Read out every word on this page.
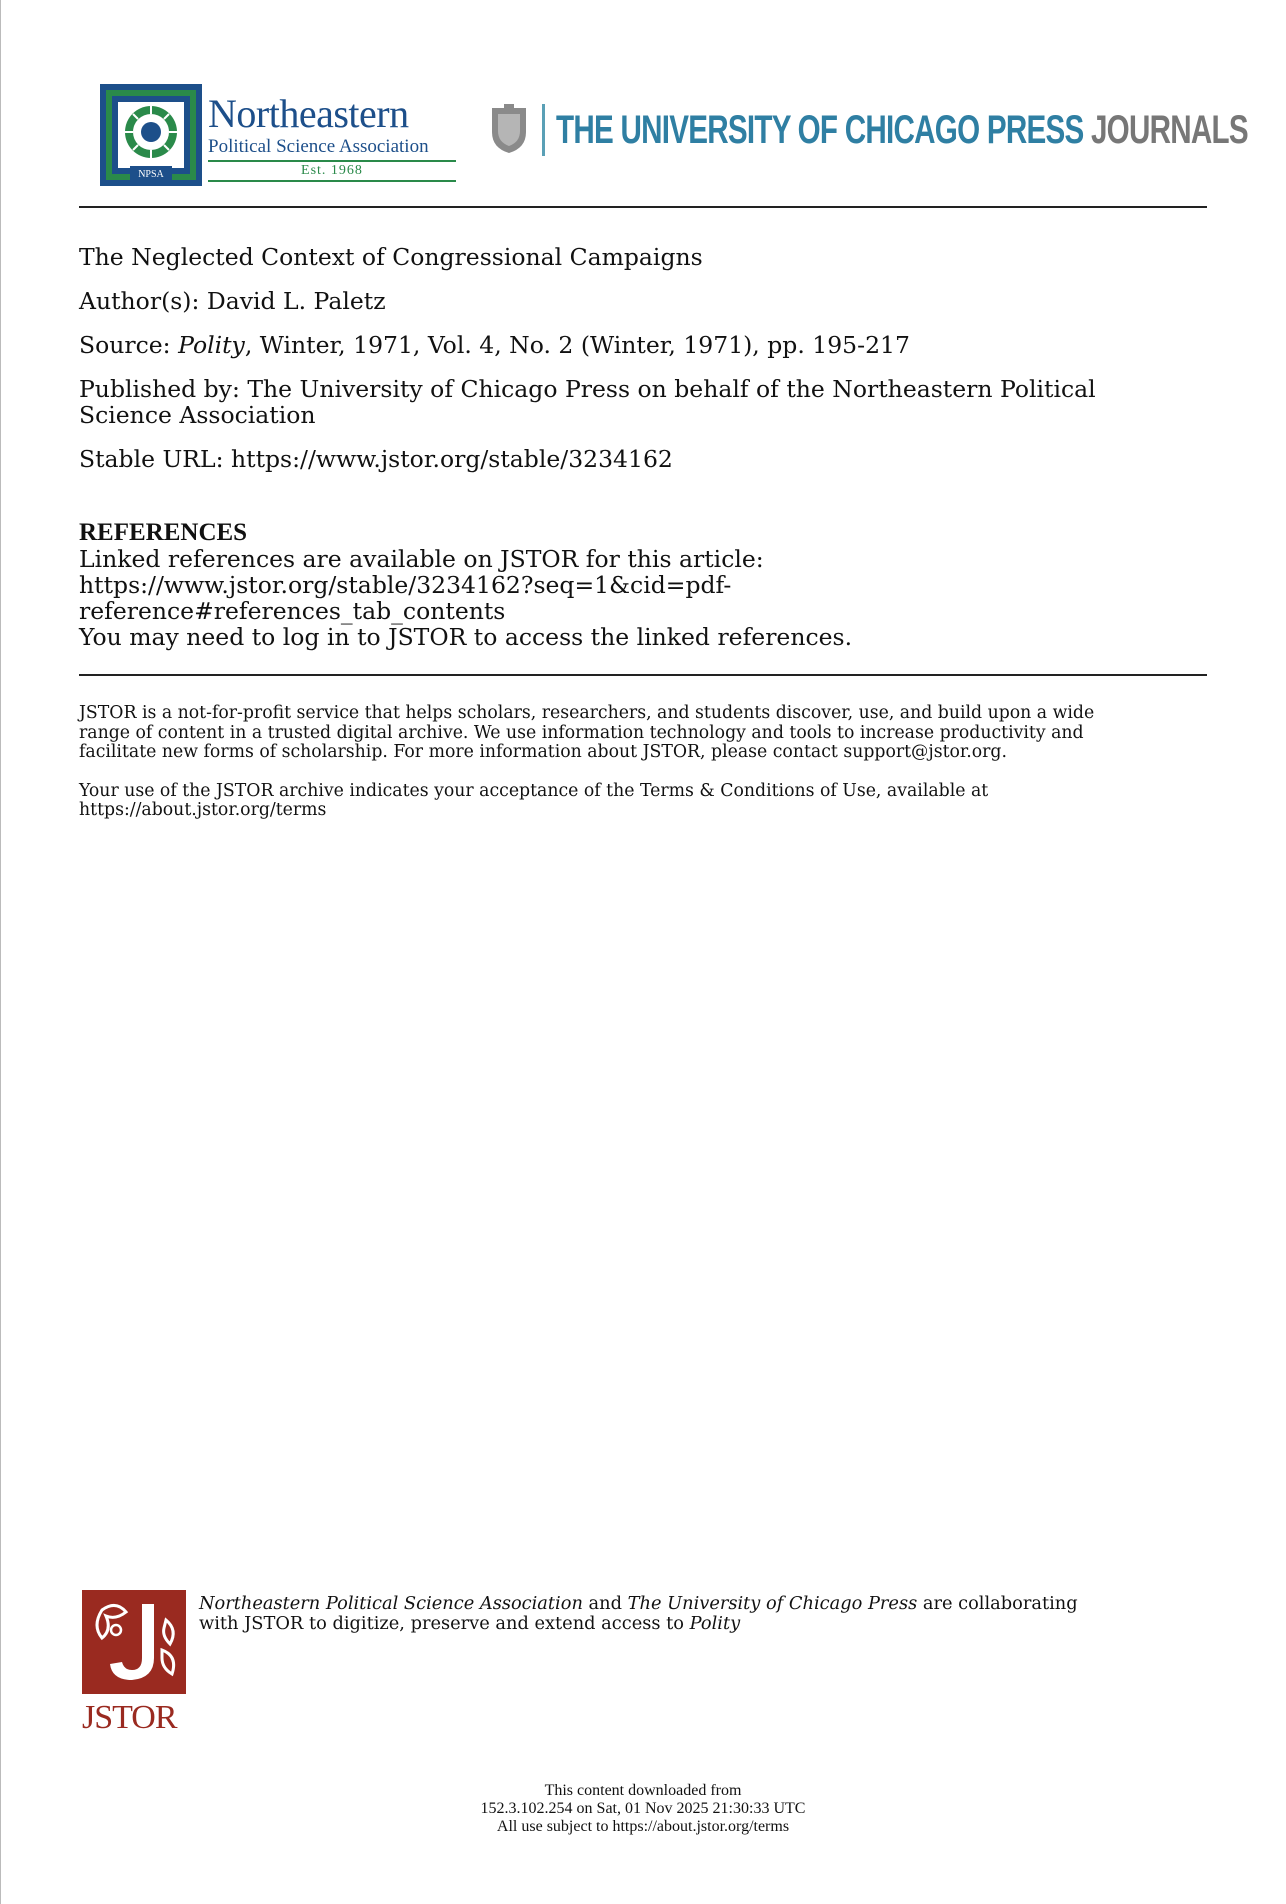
NPSA
Northeastern
Political Science Association
Est. 1968
THE UNIVERSITY OF CHICAGO PRESS JOURNALS

The Neglected Context of Congressional Campaigns

Author(s): David L. Paletz

Source: Polity, Winter, 1971, Vol. 4, No. 2 (Winter, 1971), pp. 195-217

Published by: The University of Chicago Press on behalf of the Northeastern Political
Science Association

Stable URL: https://www.jstor.org/stable/3234162

REFERENCES
Linked references are available on JSTOR for this article:
https://www.jstor.org/stable/3234162?seq=1&cid=pdf-
reference#references_tab_contents
You may need to log in to JSTOR to access the linked references.

JSTOR is a not-for-profit service that helps scholars, researchers, and students discover, use, and build upon a wide
range of content in a trusted digital archive. We use information technology and tools to increase productivity and
facilitate new forms of scholarship. For more information about JSTOR, please contact support@jstor.org.

Your use of the JSTOR archive indicates your acceptance of the Terms & Conditions of Use, available at
https://about.jstor.org/terms

JSTOR
Northeastern Political Science Association and The University of Chicago Press are collaborating
with JSTOR to digitize, preserve and extend access to Polity
This content downloaded from
152.3.102.254 on Sat, 01 Nov 2025 21:30:33 UTC
All use subject to https://about.jstor.org/terms
